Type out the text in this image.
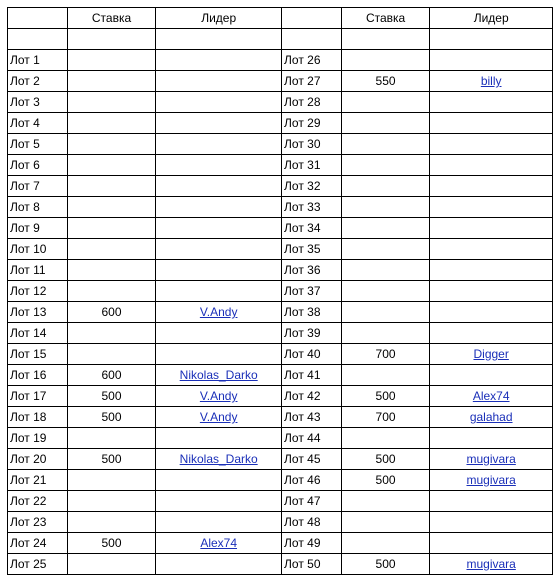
	Ставка	Лидер		Ставка	Лидер

Лот 1			Лот 26		
Лот 2			Лот 27	550	billy
Лот 3			Лот 28		
Лот 4			Лот 29		
Лот 5			Лот 30		
Лот 6			Лот 31		
Лот 7			Лот 32		
Лот 8			Лот 33		
Лот 9			Лот 34		
Лот 10			Лот 35		
Лот 11			Лот 36		
Лот 12			Лот 37		
Лот 13	600	V.Andy	Лот 38		
Лот 14			Лот 39		
Лот 15			Лот 40	700	Digger
Лот 16	600	Nikolas_Darko	Лот 41		
Лот 17	500	V.Andy	Лот 42	500	Alex74
Лот 18	500	V.Andy	Лот 43	700	galahad
Лот 19			Лот 44		
Лот 20	500	Nikolas_Darko	Лот 45	500	mugivara
Лот 21			Лот 46	500	mugivara
Лот 22			Лот 47		
Лот 23			Лот 48		
Лот 24	500	Alex74	Лот 49		
Лот 25			Лот 50	500	mugivara
